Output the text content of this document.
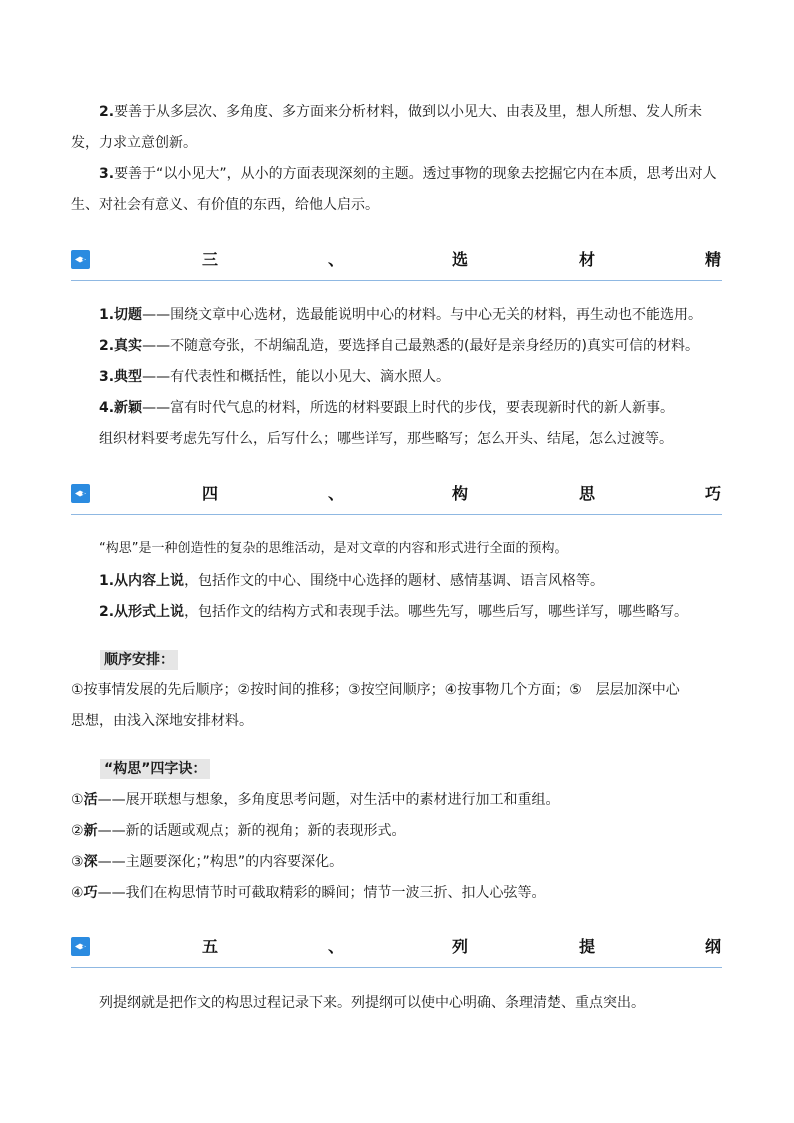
2.要善于从多层次、多角度、多方面来分析材料，做到以小见大、由表及里，想人所想、发人所未

发，力求立意创新。

3.要善于“以小见大”，从小的方面表现深刻的主题。透过事物的现象去挖掘它内在本质，思考出对人

生、对社会有意义、有价值的东西，给他人启示。

三	、	选	材	精

1.切题——围绕文章中心选材，选最能说明中心的材料。与中心无关的材料，再生动也不能选用。

2.真实——不随意夸张，不胡编乱造，要选择自己最熟悉的(最好是亲身经历的)真实可信的材料。

3.典型——有代表性和概括性，能以小见大、滴水照人。

4.新颖——富有时代气息的材料，所选的材料要跟上时代的步伐，要表现新时代的新人新事。

组织材料要考虑先写什么，后写什么；哪些详写，那些略写；怎么开头、结尾，怎么过渡等。

四	、	构	思	巧

“构思”是一种创造性的复杂的思维活动，是对文章的内容和形式进行全面的预构。

1.从内容上说，包括作文的中心、围绕中心选择的题材、感情基调、语言风格等。

2.从形式上说，包括作文的结构方式和表现手法。哪些先写，哪些后写，哪些详写，哪些略写。

顺序安排：

①按事情发展的先后顺序；②按时间的推移；③按空间顺序；④按事物几个方面；⑤　层层加深中心

思想，由浅入深地安排材料。

“构思”四字诀：

①活——展开联想与想象，多角度思考问题，对生活中的素材进行加工和重组。

②新——新的话题或观点；新的视角；新的表现形式。

③深——主题要深化；”构思”的内容要深化。

④巧——我们在构思情节时可截取精彩的瞬间；情节一波三折、扣人心弦等。

五	、	列	提	纲

列提纲就是把作文的构思过程记录下来。列提纲可以使中心明确、条理清楚、重点突出。
